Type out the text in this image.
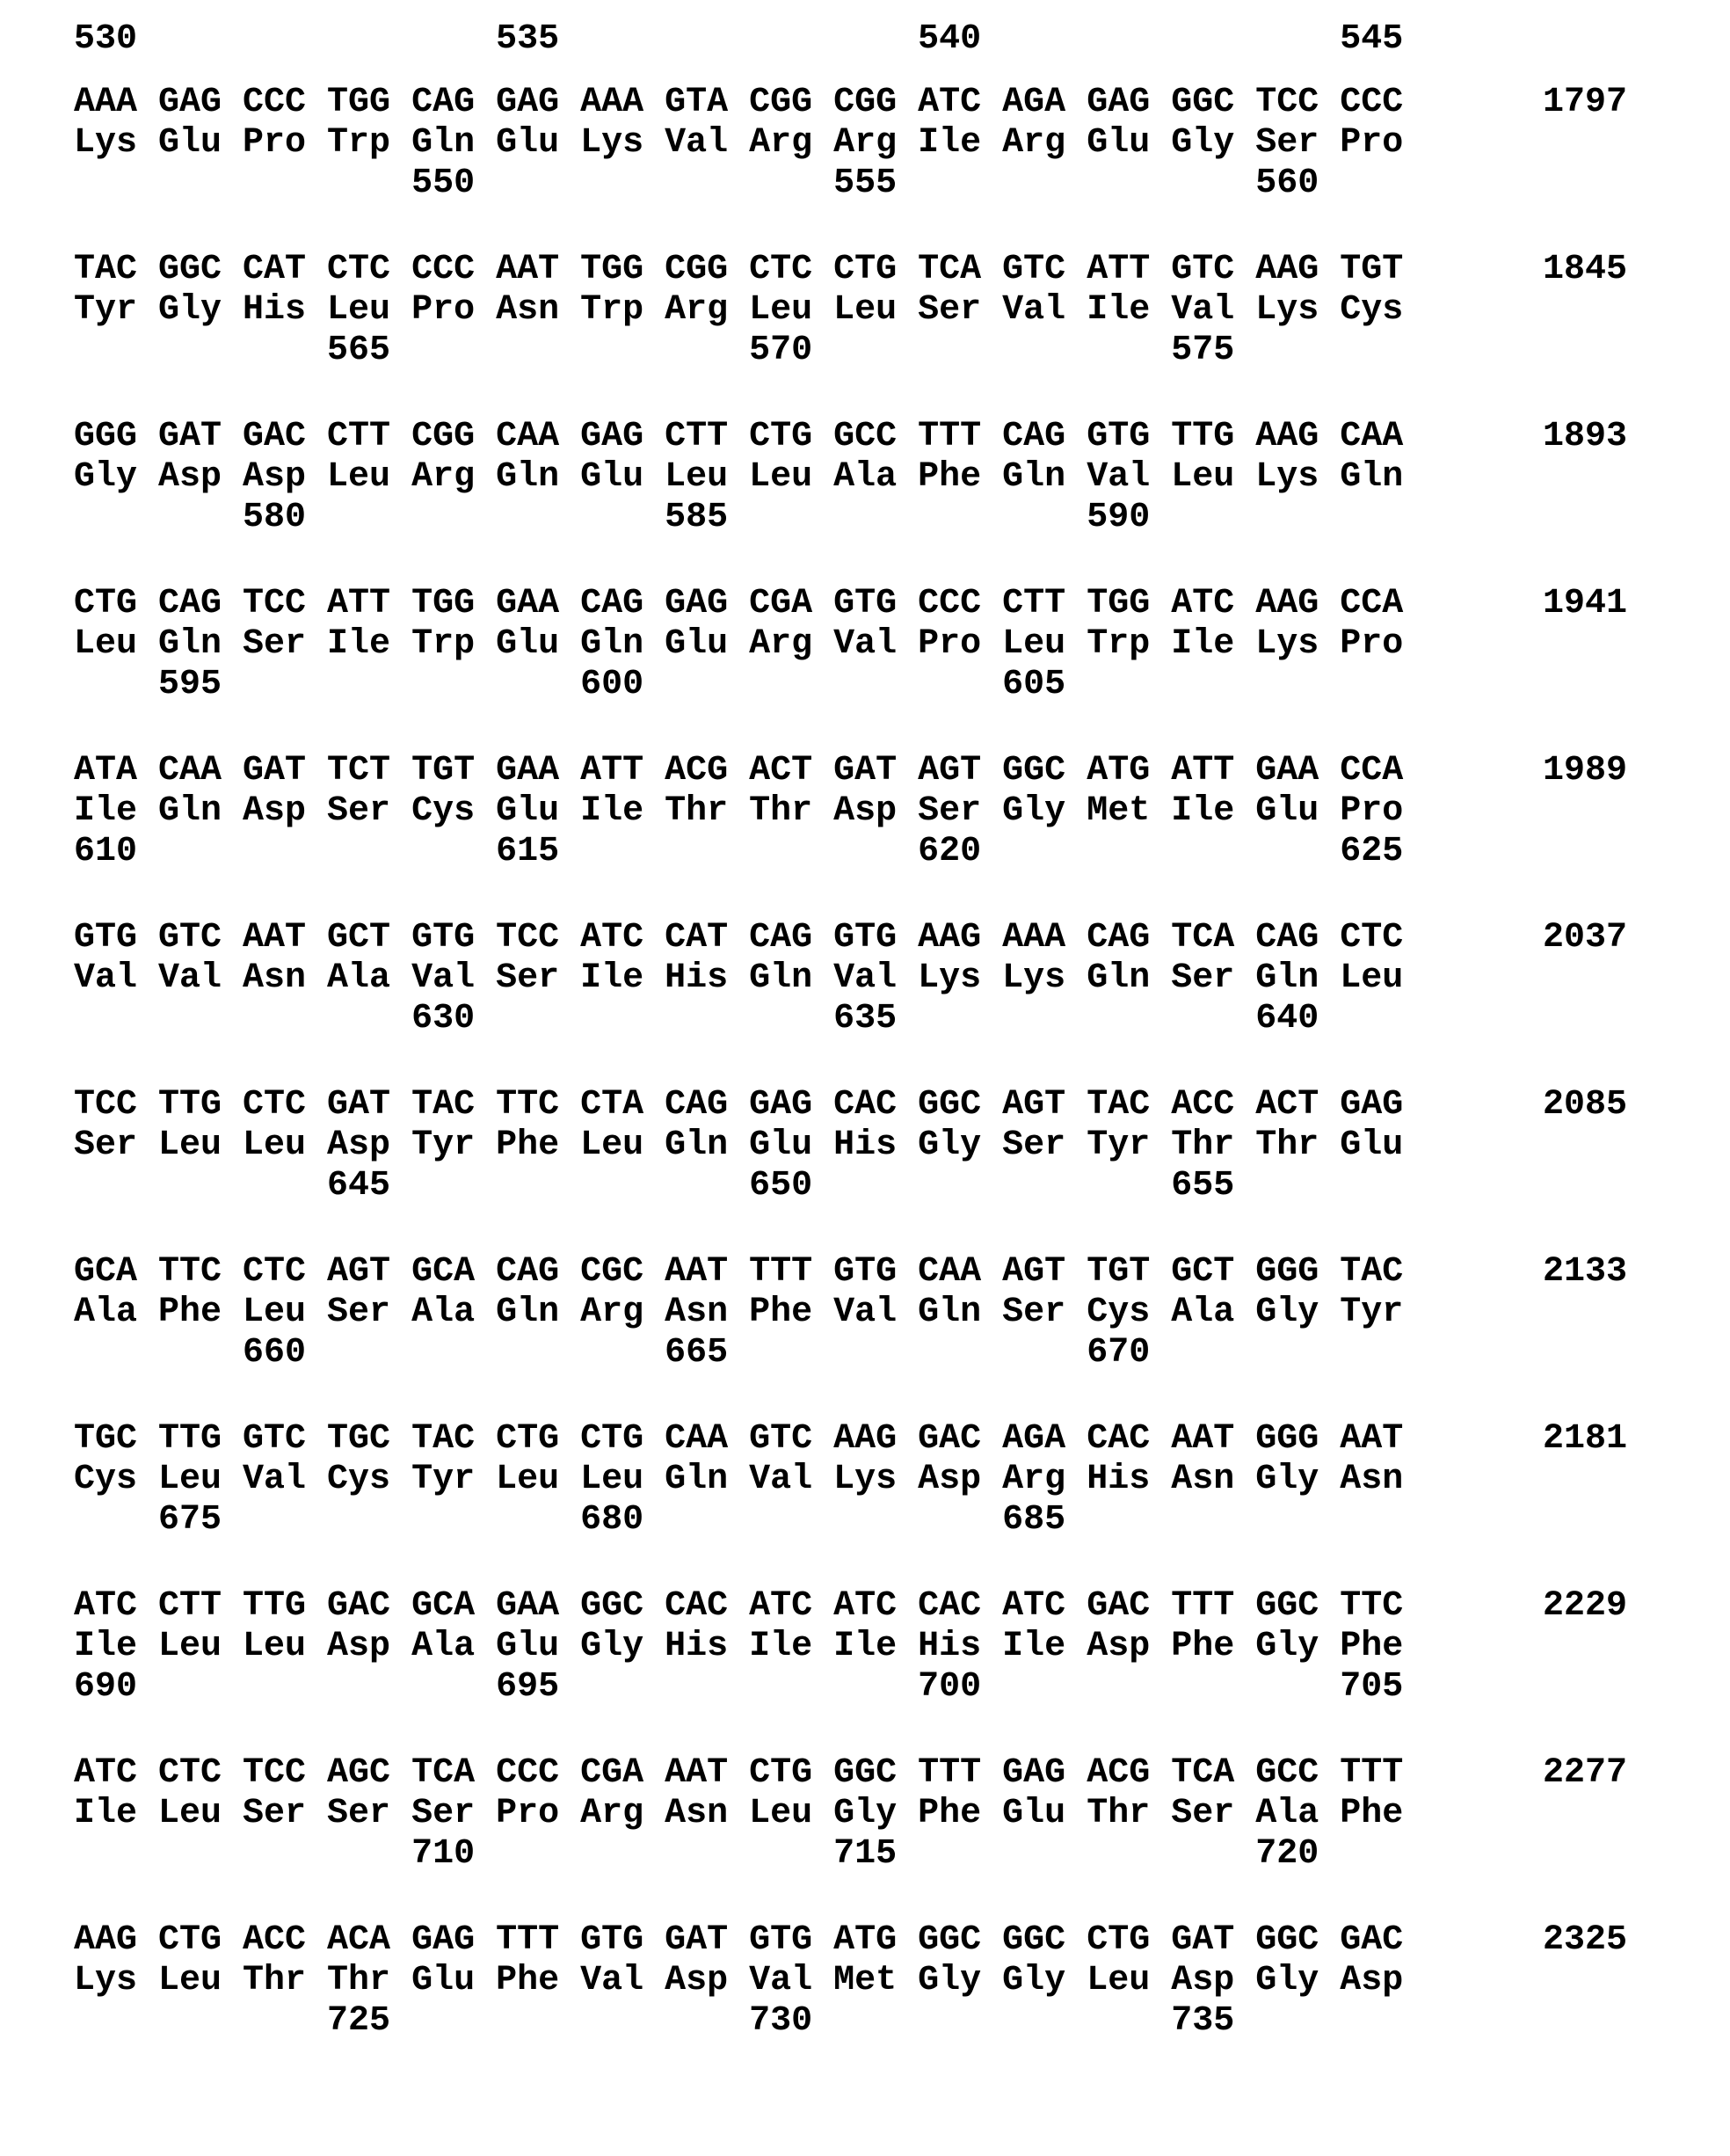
530	535	540	545
AAA GAG CCC TGG CAG GAG AAA GTA CGG CGG ATC AGA GAG GGC TCC CCC	1797
Lys Glu Pro Trp Gln Glu Lys Val Arg Arg Ile Arg Glu Gly Ser Pro
550	555	560
TAC GGC CAT CTC CCC AAT TGG CGG CTC CTG TCA GTC ATT GTC AAG TGT	1845
Tyr Gly His Leu Pro Asn Trp Arg Leu Leu Ser Val Ile Val Lys Cys
565	570	575
GGG GAT GAC CTT CGG CAA GAG CTT CTG GCC TTT CAG GTG TTG AAG CAA	1893
Gly Asp Asp Leu Arg Gln Glu Leu Leu Ala Phe Gln Val Leu Lys Gln
580	585	590
CTG CAG TCC ATT TGG GAA CAG GAG CGA GTG CCC CTT TGG ATC AAG CCA	1941
Leu Gln Ser Ile Trp Glu Gln Glu Arg Val Pro Leu Trp Ile Lys Pro
595	600	605
ATA CAA GAT TCT TGT GAA ATT ACG ACT GAT AGT GGC ATG ATT GAA CCA	1989
Ile Gln Asp Ser Cys Glu Ile Thr Thr Asp Ser Gly Met Ile Glu Pro
610	615	620	625
GTG GTC AAT GCT GTG TCC ATC CAT CAG GTG AAG AAA CAG TCA CAG CTC	2037
Val Val Asn Ala Val Ser Ile His Gln Val Lys Lys Gln Ser Gln Leu
630	635	640
TCC TTG CTC GAT TAC TTC CTA CAG GAG CAC GGC AGT TAC ACC ACT GAG	2085
Ser Leu Leu Asp Tyr Phe Leu Gln Glu His Gly Ser Tyr Thr Thr Glu
645	650	655
GCA TTC CTC AGT GCA CAG CGC AAT TTT GTG CAA AGT TGT GCT GGG TAC	2133
Ala Phe Leu Ser Ala Gln Arg Asn Phe Val Gln Ser Cys Ala Gly Tyr
660	665	670
TGC TTG GTC TGC TAC CTG CTG CAA GTC AAG GAC AGA CAC AAT GGG AAT	2181
Cys Leu Val Cys Tyr Leu Leu Gln Val Lys Asp Arg His Asn Gly Asn
675	680	685
ATC CTT TTG GAC GCA GAA GGC CAC ATC ATC CAC ATC GAC TTT GGC TTC	2229
Ile Leu Leu Asp Ala Glu Gly His Ile Ile His Ile Asp Phe Gly Phe
690	695	700	705
ATC CTC TCC AGC TCA CCC CGA AAT CTG GGC TTT GAG ACG TCA GCC TTT	2277
Ile Leu Ser Ser Ser Pro Arg Asn Leu Gly Phe Glu Thr Ser Ala Phe
710	715	720
AAG CTG ACC ACA GAG TTT GTG GAT GTG ATG GGC GGC CTG GAT GGC GAC	2325
Lys Leu Thr Thr Glu Phe Val Asp Val Met Gly Gly Leu Asp Gly Asp
725	730	735
